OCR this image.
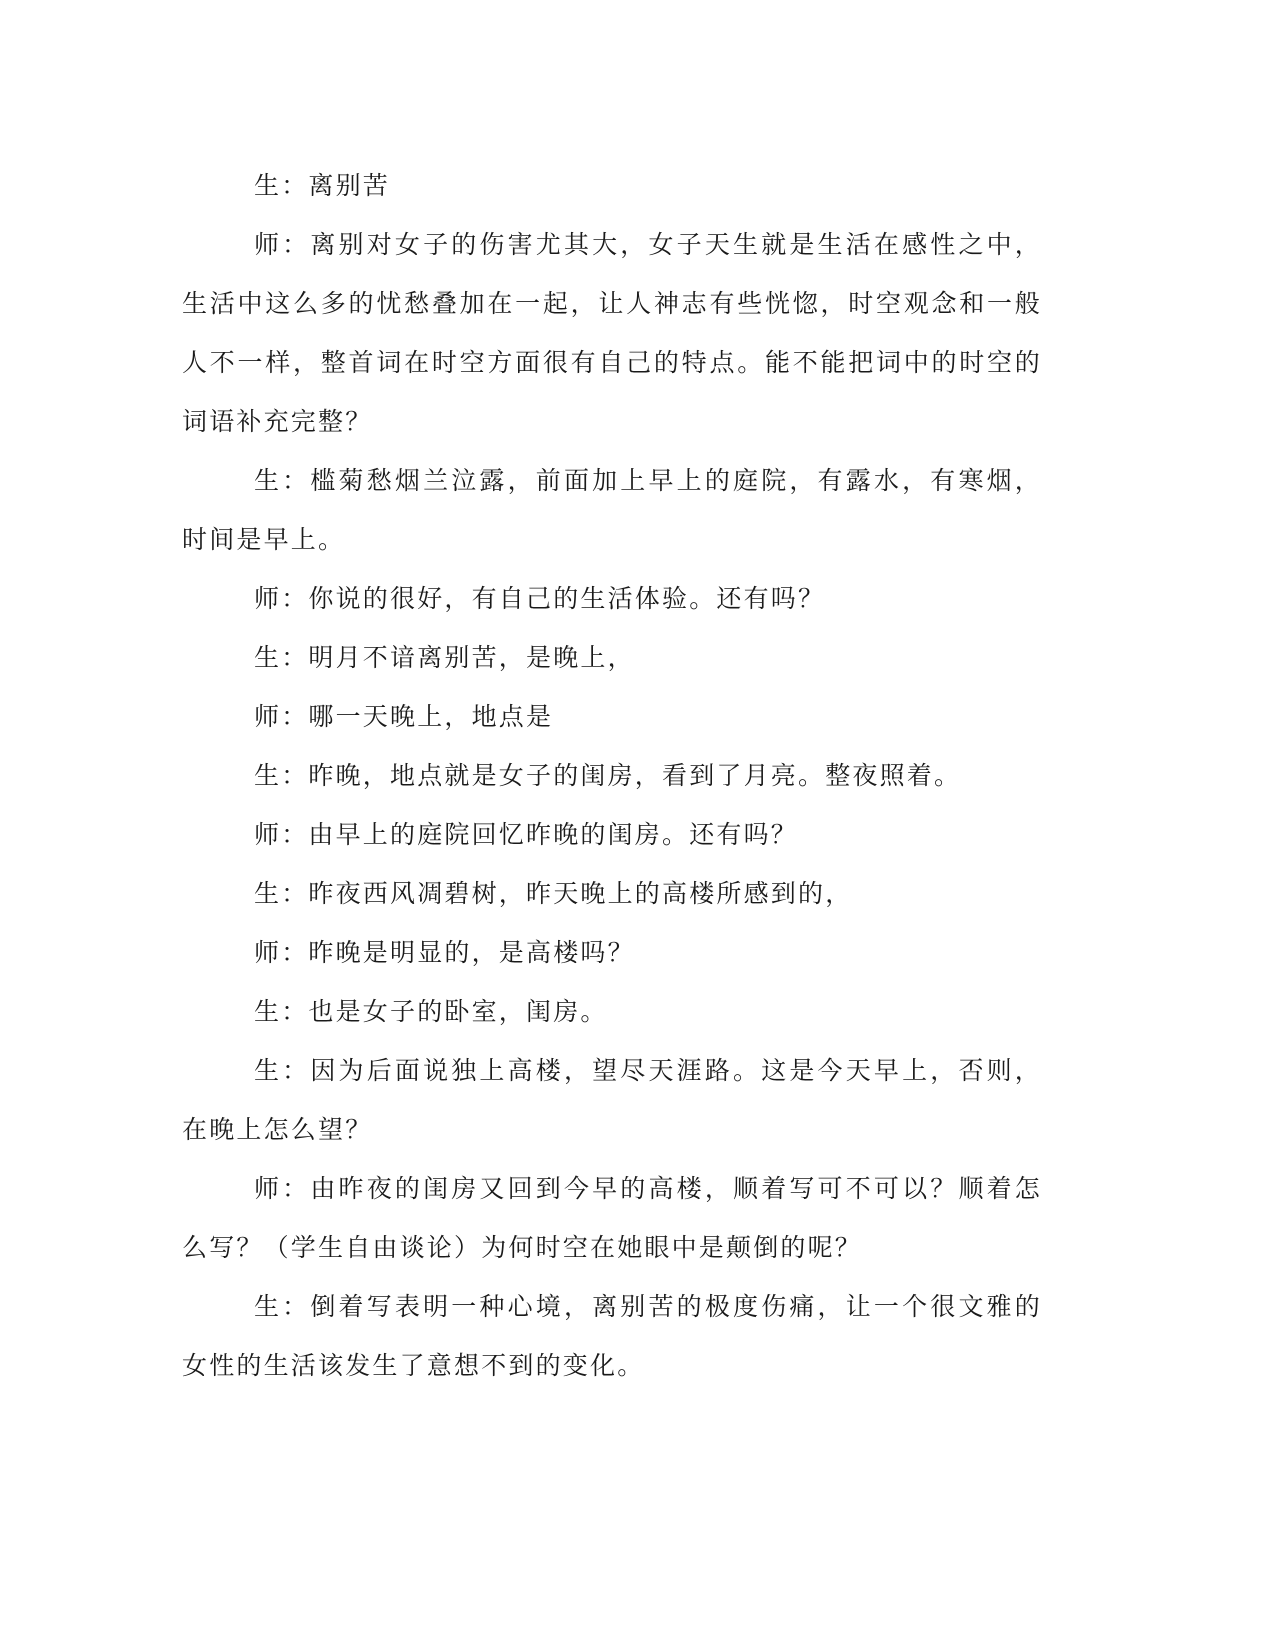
生：离别苦

师：离别对女子的伤害尤其大，女子天生就是生活在感性之中，生活中这么多的忧愁叠加在一起，让人神志有些恍惚，时空观念和一般人不一样，整首词在时空方面很有自己的特点。能不能把词中的时空的词语补充完整？

生：槛菊愁烟兰泣露，前面加上早上的庭院，有露水，有寒烟，时间是早上。

师：你说的很好，有自己的生活体验。还有吗？

生：明月不谙离别苦，是晚上，

师：哪一天晚上，地点是

生：昨晚，地点就是女子的闺房，看到了月亮。整夜照着。

师：由早上的庭院回忆昨晚的闺房。还有吗？

生：昨夜西风凋碧树，昨天晚上的高楼所感到的，

师：昨晚是明显的，是高楼吗？

生：也是女子的卧室，闺房。

生：因为后面说独上高楼，望尽天涯路。这是今天早上，否则，在晚上怎么望？

师：由昨夜的闺房又回到今早的高楼，顺着写可不可以？顺着怎么写？（学生自由谈论）为何时空在她眼中是颠倒的呢？

生：倒着写表明一种心境，离别苦的极度伤痛，让一个很文雅的女性的生活该发生了意想不到的变化。
